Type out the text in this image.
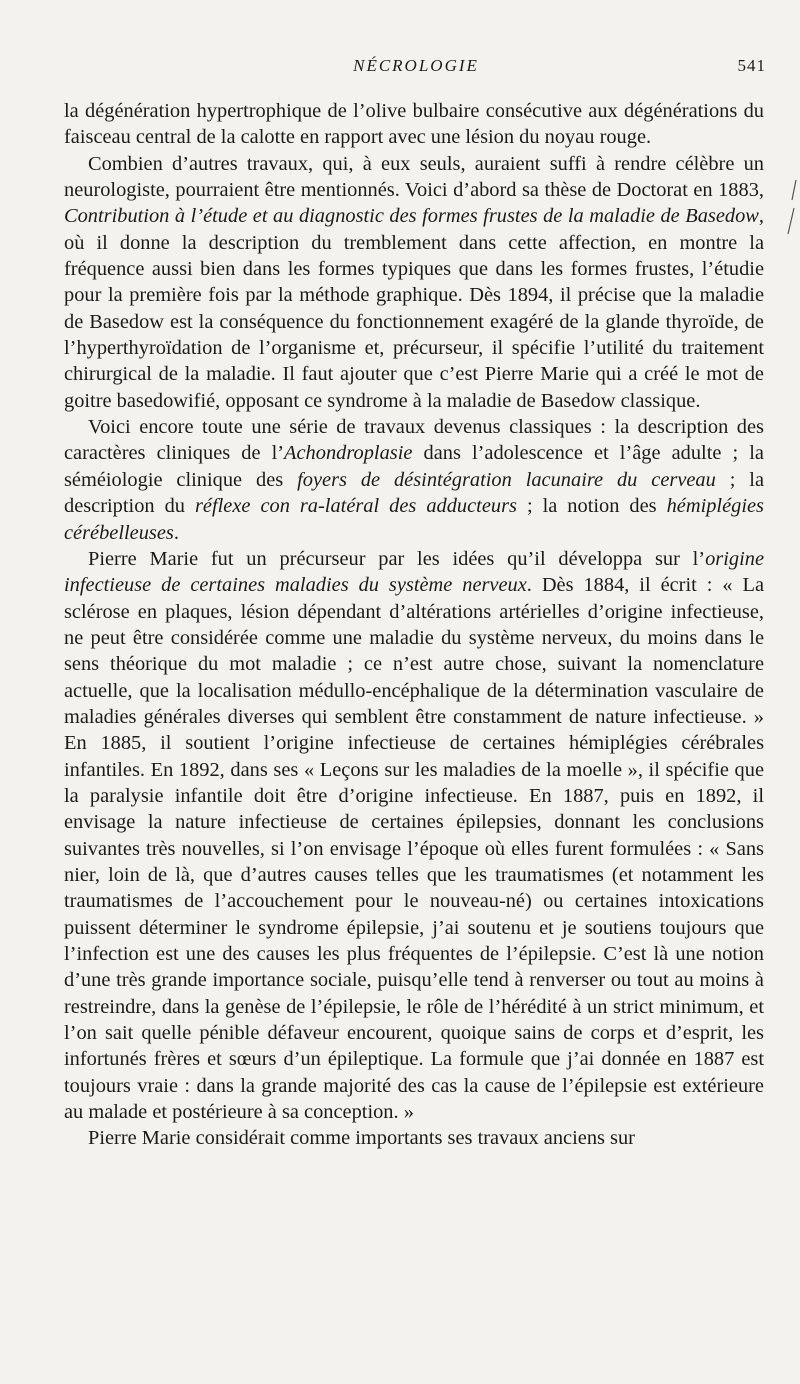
NÉCROLOGIE	541

la dégénération hypertrophique de l’olive bulbaire consécutive aux dégénérations du faisceau central de la calotte en rapport avec une lésion du noyau rouge.

Combien d’autres travaux, qui, à eux seuls, auraient suffi à rendre célèbre un neurologiste, pourraient être mentionnés. Voici d’abord sa thèse de Doctorat en 1883, Contribution à l’étude et au diagnostic des formes frustes de la maladie de Basedow, où il donne la description du tremblement dans cette affection, en montre la fréquence aussi bien dans les formes typiques que dans les formes frustes, l’étudie pour la première fois par la méthode graphique. Dès 1894, il précise que la maladie de Basedow est la conséquence du fonctionnement exagéré de la glande thyroïde, de l’hyperthyroïdation de l’organisme et, précurseur, il spécifie l’utilité du traitement chirurgical de la maladie. Il faut ajouter que c’est Pierre Marie qui a créé le mot de goitre basedowifié, opposant ce syndrome à la maladie de Basedow classique.

Voici encore toute une série de travaux devenus classiques : la description des caractères cliniques de l’Achondroplasie dans l’adolescence et l’âge adulte ; la séméiologie clinique des foyers de désintégration lacunaire du cerveau ; la description du réflexe con ra-latéral des adducteurs ; la notion des hémiplégies cérébelleuses.

Pierre Marie fut un précurseur par les idées qu’il développa sur l’origine infectieuse de certaines maladies du système nerveux. Dès 1884, il écrit : « La sclérose en plaques, lésion dépendant d’altérations artérielles d’origine infectieuse, ne peut être considérée comme une maladie du système nerveux, du moins dans le sens théorique du mot maladie ; ce n’est autre chose, suivant la nomenclature actuelle, que la localisation médullo-encéphalique de la détermination vasculaire de maladies générales diverses qui semblent être constamment de nature infectieuse. » En 1885, il soutient l’origine infectieuse de certaines hémiplégies cérébrales infantiles. En 1892, dans ses « Leçons sur les maladies de la moelle », il spécifie que la paralysie infantile doit être d’origine infectieuse. En 1887, puis en 1892, il envisage la nature infectieuse de certaines épilepsies, donnant les conclusions suivantes très nouvelles, si l’on envisage l’époque où elles furent formulées : « Sans nier, loin de là, que d’autres causes telles que les traumatismes (et notamment les traumatismes de l’accouchement pour le nouveau-né) ou certaines intoxications puissent déterminer le syndrome épilepsie, j’ai soutenu et je soutiens toujours que l’infection est une des causes les plus fréquentes de l’épilepsie. C’est là une notion d’une très grande importance sociale, puisqu’elle tend à renverser ou tout au moins à restreindre, dans la genèse de l’épilepsie, le rôle de l’hérédité à un strict minimum, et l’on sait quelle pénible défaveur encourent, quoique sains de corps et d’esprit, les infortunés frères et sœurs d’un épileptique. La formule que j’ai donnée en 1887 est toujours vraie : dans la grande majorité des cas la cause de l’épilepsie est extérieure au malade et postérieure à sa conception. »

Pierre Marie considérait comme importants ses travaux anciens sur
